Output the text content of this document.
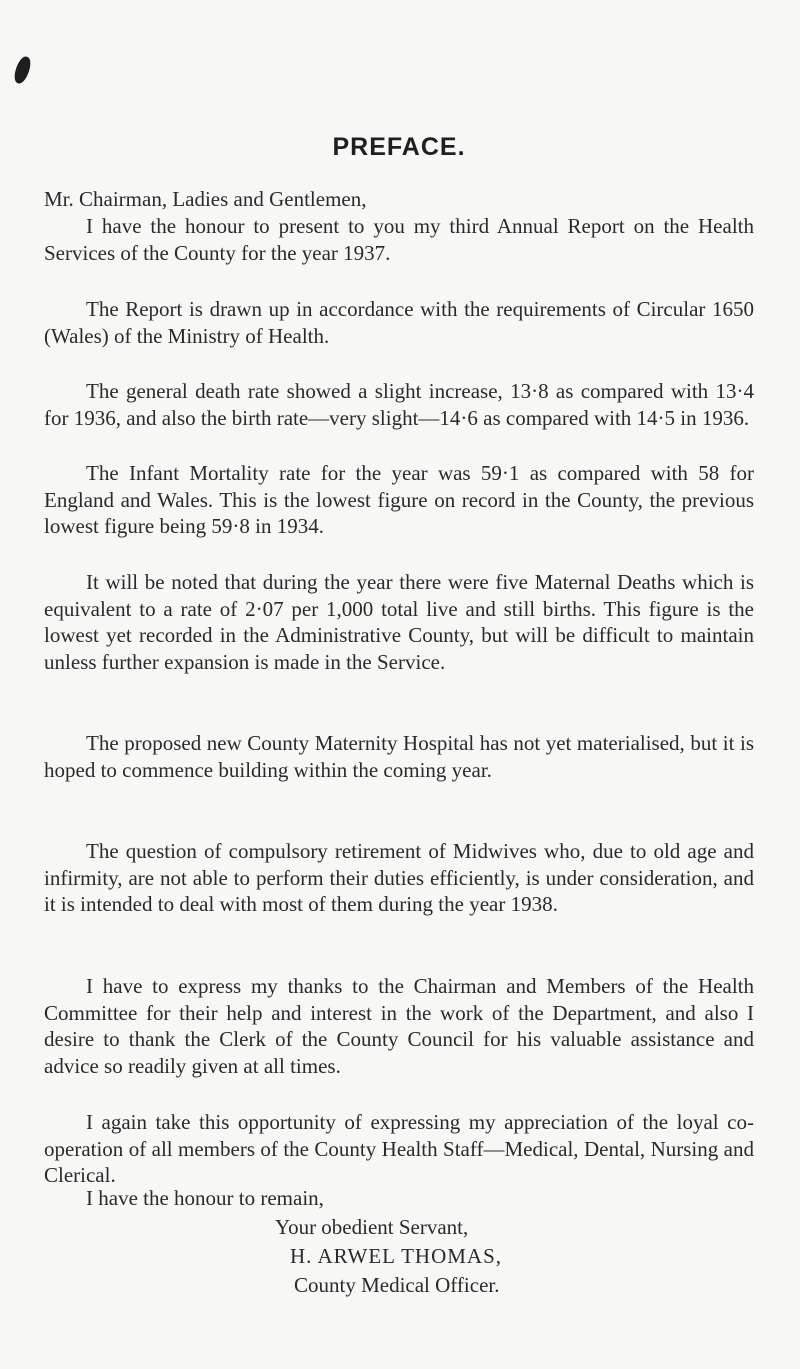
PREFACE.
Mr. Chairman, Ladies and Gentlemen,

I have the honour to present to you my third Annual Report on the Health Services of the County for the year 1937.

The Report is drawn up in accordance with the requirements of Circular 1650 (Wales) of the Ministry of Health.

The general death rate showed a slight increase, 13·8 as compared with 13·4 for 1936, and also the birth rate—very slight—14·6 as compared with 14·5 in 1936.

The Infant Mortality rate for the year was 59·1 as compared with 58 for England and Wales. This is the lowest figure on record in the County, the previous lowest figure being 59·8 in 1934.

It will be noted that during the year there were five Maternal Deaths which is equivalent to a rate of 2·07 per 1,000 total live and still births. This figure is the lowest yet recorded in the Administrative County, but will be difficult to maintain unless further expansion is made in the Service.

The proposed new County Maternity Hospital has not yet materialised, but it is hoped to commence building within the coming year.

The question of compulsory retirement of Midwives who, due to old age and infirmity, are not able to perform their duties efficiently, is under consideration, and it is intended to deal with most of them during the year 1938.

I have to express my thanks to the Chairman and Members of the Health Committee for their help and interest in the work of the Department, and also I desire to thank the Clerk of the County Council for his valuable assistance and advice so readily given at all times.

I again take this opportunity of expressing my appreciation of the loyal co-operation of all members of the County Health Staff—Medical, Dental, Nursing and Clerical.

I have the honour to remain,
Your obedient Servant,
H. ARWEL THOMAS,
County Medical Officer.
